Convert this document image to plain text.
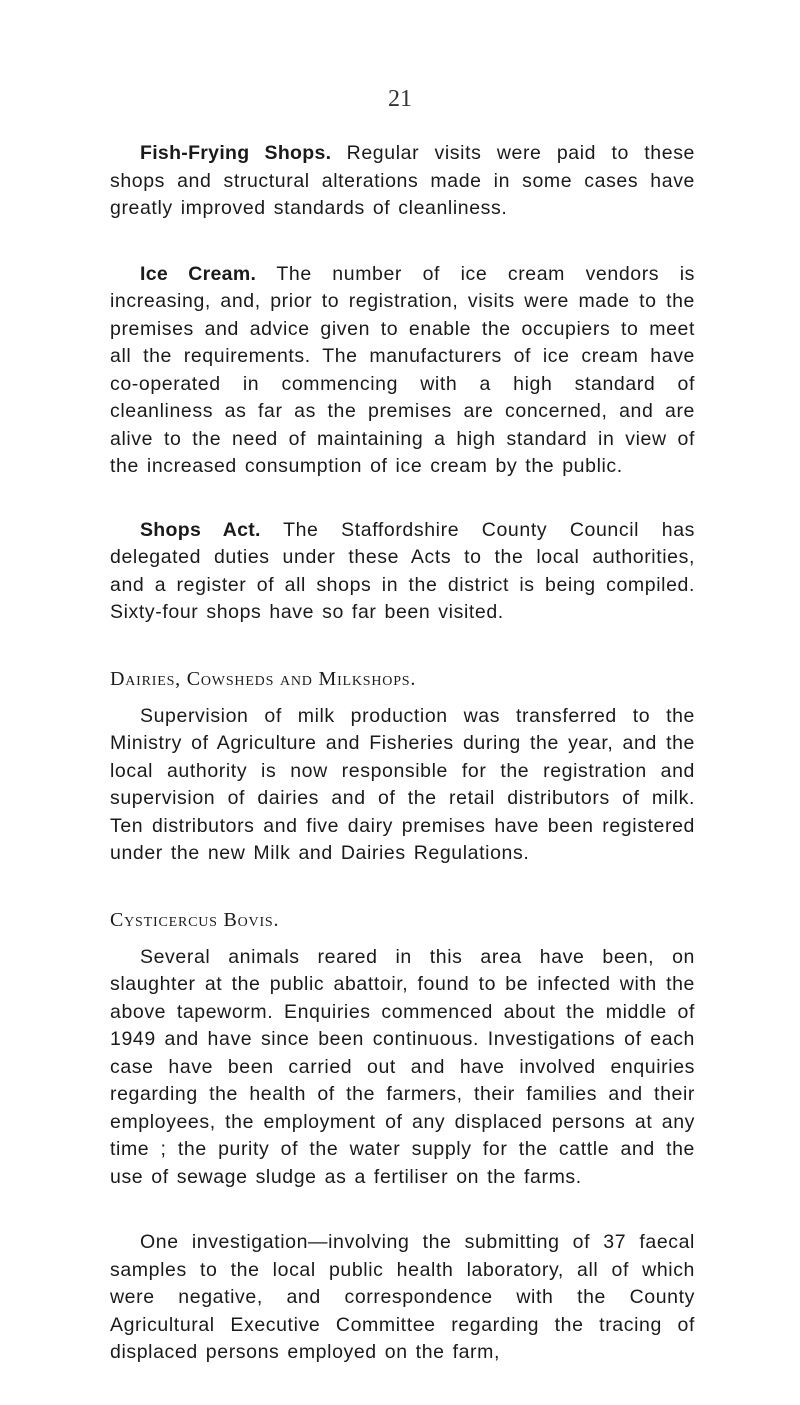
21

Fish-Frying Shops. Regular visits were paid to these shops and structural alterations made in some cases have greatly improved standards of cleanliness.

Ice Cream. The number of ice cream vendors is increasing, and, prior to registration, visits were made to the premises and advice given to enable the occupiers to meet all the requirements. The manufacturers of ice cream have co-operated in commencing with a high standard of cleanliness as far as the premises are concerned, and are alive to the need of maintaining a high standard in view of the increased consumption of ice cream by the public.

Shops Act. The Staffordshire County Council has delegated duties under these Acts to the local authorities, and a register of all shops in the district is being compiled. Sixty-four shops have so far been visited.

Dairies, Cowsheds and Milkshops.

Supervision of milk production was transferred to the Ministry of Agriculture and Fisheries during the year, and the local authority is now responsible for the registration and supervision of dairies and of the retail distributors of milk. Ten distributors and five dairy premises have been registered under the new Milk and Dairies Regulations.

Cysticercus Bovis.

Several animals reared in this area have been, on slaughter at the public abattoir, found to be infected with the above tapeworm. Enquiries commenced about the middle of 1949 and have since been continuous. Investigations of each case have been carried out and have involved enquiries regarding the health of the farmers, their families and their employees, the employment of any displaced persons at any time ; the purity of the water supply for the cattle and the use of sewage sludge as a fertiliser on the farms.

One investigation—involving the submitting of 37 faecal samples to the local public health laboratory, all of which were negative, and correspondence with the County Agricultural Executive Committee regarding the tracing of displaced persons employed on the farm,
